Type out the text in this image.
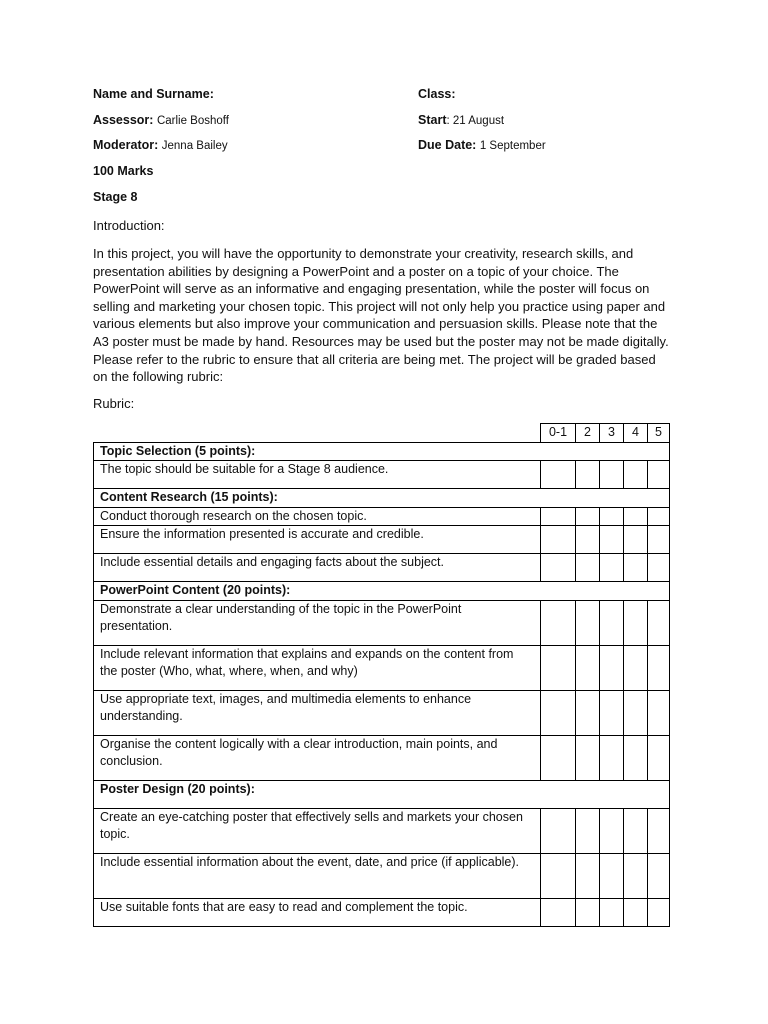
Name and Surname:	Class:
Assessor: Carlie Boshoff	Start: 21 August
Moderator: Jenna Bailey	Due Date: 1 September
100 Marks
Stage 8
Introduction:
In this project, you will have the opportunity to demonstrate your creativity, research skills, and presentation abilities by designing a PowerPoint and a poster on a topic of your choice. The PowerPoint will serve as an informative and engaging presentation, while the poster will focus on selling and marketing your chosen topic. This project will not only help you practice using paper and various elements but also improve your communication and persuasion skills. Please note that the A3 poster must be made by hand. Resources may be used but the poster may not be made digitally. Please refer to the rubric to ensure that all criteria are being met. The project will be graded based on the following rubric:
Rubric:
	0-1	2	3	4	5
Topic Selection (5 points):					
The topic should be suitable for a Stage 8 audience.					
Content Research (15 points):					
Conduct thorough research on the chosen topic.					
Ensure the information presented is accurate and credible.					
Include essential details and engaging facts about the subject.					
PowerPoint Content (20 points):					
Demonstrate a clear understanding of the topic in the PowerPoint presentation.					
Include relevant information that explains and expands on the content from the poster (Who, what, where, when, and why)					
Use appropriate text, images, and multimedia elements to enhance understanding.					
Organise the content logically with a clear introduction, main points, and conclusion.					
Poster Design (20 points):					
Create an eye-catching poster that effectively sells and markets your chosen topic.					
Include essential information about the event, date, and price (if applicable).					
Use suitable fonts that are easy to read and complement the topic.					
